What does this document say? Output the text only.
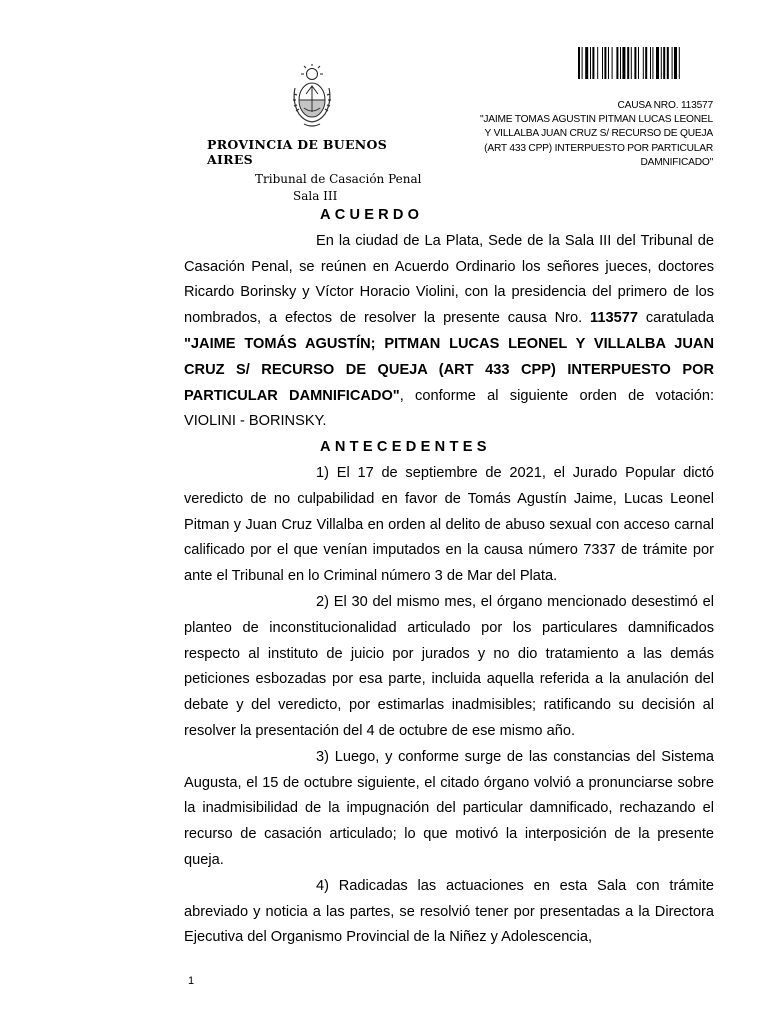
PROVINCIA DE BUENOS AIRES
Tribunal de Casación Penal
Sala III
CAUSA NRO. 113577
"JAIME TOMAS AGUSTIN PITMAN LUCAS LEONEL
Y VILLALBA JUAN CRUZ S/ RECURSO DE QUEJA
(ART 433 CPP) INTERPUESTO POR PARTICULAR
DAMNIFICADO"
ACUERDO

En la ciudad de La Plata, Sede de la Sala III del Tribunal de Casación Penal, se reúnen en Acuerdo Ordinario los señores jueces, doctores Ricardo Borinsky y Víctor Horacio Violini, con la presidencia del primero de los nombrados, a efectos de resolver la presente causa Nro. 113577 caratulada "JAIME TOMÁS AGUSTÍN; PITMAN LUCAS LEONEL Y VILLALBA JUAN CRUZ S/ RECURSO DE QUEJA (ART 433 CPP) INTERPUESTO POR PARTICULAR DAMNIFICADO", conforme al siguiente orden de votación: VIOLINI - BORINSKY.

ANTECEDENTES

1) El 17 de septiembre de 2021, el Jurado Popular dictó veredicto de no culpabilidad en favor de Tomás Agustín Jaime, Lucas Leonel Pitman y Juan Cruz Villalba en orden al delito de abuso sexual con acceso carnal calificado por el que venían imputados en la causa número 7337 de trámite por ante el Tribunal en lo Criminal número 3 de Mar del Plata.

2) El 30 del mismo mes, el órgano mencionado desestimó el planteo de inconstitucionalidad articulado por los particulares damnificados respecto al instituto de juicio por jurados y no dio tratamiento a las demás peticiones esbozadas por esa parte, incluida aquella referida a la anulación del debate y del veredicto, por estimarlas inadmisibles; ratificando su decisión al resolver la presentación del 4 de octubre de ese mismo año.

3) Luego, y conforme surge de las constancias del Sistema Augusta, el 15 de octubre siguiente, el citado órgano volvió a pronunciarse sobre la inadmisibilidad de la impugnación del particular damnificado, rechazando el recurso de casación articulado; lo que motivó la interposición de la presente queja.

4) Radicadas las actuaciones en esta Sala con trámite abreviado y noticia a las partes, se resolvió tener por presentadas a la Directora Ejecutiva del Organismo Provincial de la Niñez y Adolescencia,

1
